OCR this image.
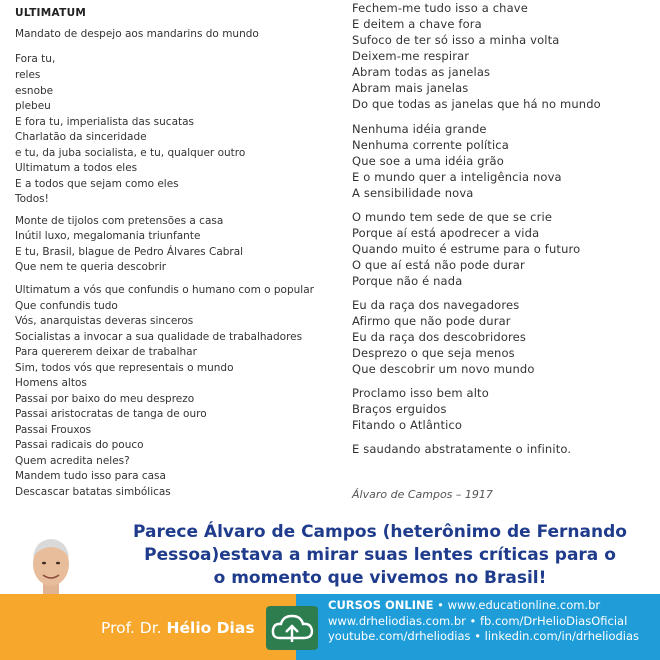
ULTIMATUM
Mandato de despejo aos mandarins do mundo
Fora tu,
reles
esnobe
plebeu
E fora tu, imperialista das sucatas
Charlatão da sinceridade
e tu, da juba socialista, e tu, qualquer outro
Ultimatum a todos eles
E a todos que sejam como eles
Todos!
Monte de tijolos com pretensões a casa
Inútil luxo, megalomania triunfante
E tu, Brasil, blague de Pedro Álvares Cabral
Que nem te queria descobrir
Ultimatum a vós que confundis o humano com o popular
Que confundis tudo
Vós, anarquistas deveras sinceros
Socialistas a invocar a sua qualidade de trabalhadores
Para quererem deixar de trabalhar
Sim, todos vós que representais o mundo
Homens altos
Passai por baixo do meu desprezo
Passai aristocratas de tanga de ouro
Passai Frouxos
Passai radicais do pouco
Quem acredita neles?
Mandem tudo isso para casa
Descascar batatas simbólicas
Fechem-me tudo isso a chave
E deitem a chave fora
Sufoco de ter só isso a minha volta
Deixem-me respirar
Abram todas as janelas
Abram mais janelas
Do que todas as janelas que há no mundo
Nenhuma idéia grande
Nenhuma corrente política
Que soe a uma idéia grão
E o mundo quer a inteligência nova
A sensibilidade nova
O mundo tem sede de que se crie
Porque aí está apodrecer a vida
Quando muito é estrume para o futuro
O que aí está não pode durar
Porque não é nada
Eu da raça dos navegadores
Afirmo que não pode durar
Eu da raça dos descobridores
Desprezo o que seja menos
Que descobrir um novo mundo
Proclamo isso bem alto
Braços erguidos
Fitando o Atlântico
E saudando abstratamente o infinito.
Álvaro de Campos – 1917
Parece Álvaro de Campos (heterônimo de Fernando
Pessoa)estava a mirar suas lentes críticas para o
o momento que vivemos no Brasil!
Prof. Dr. Hélio Dias
CURSOS ONLINE • www.educationline.com.br
www.drheliodias.com.br • fb.com/DrHelioDiasOficial
youtube.com/drheliodias • linkedin.com/in/drheliodias
